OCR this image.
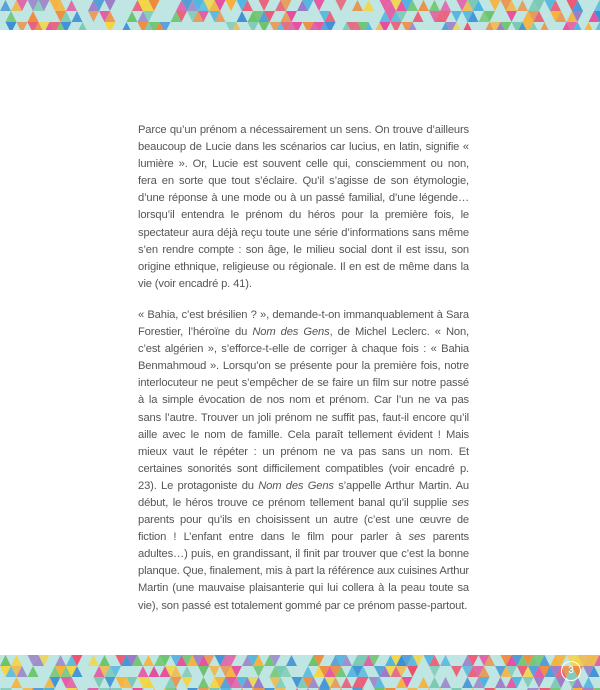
Parce qu’un prénom a nécessairement un sens. On trouve d’ailleurs beaucoup de Lucie dans les scénarios car lucius, en latin, signifie « lumière ». Or, Lucie est souvent celle qui, consciemment ou non, fera en sorte que tout s’éclaire. Qu’il s’agisse de son étymologie, d’une réponse à une mode ou à un passé familial, d’une légende… lorsqu’il entendra le prénom du héros pour la première fois, le spectateur aura déjà reçu toute une série d’informations sans même s’en rendre compte : son âge, le milieu social dont il est issu, son origine ethnique, religieuse ou régionale. Il en est de même dans la vie (voir encadré p. 41).

« Bahia, c’est brésilien ? », demande-t-on immanquablement à Sara Forestier, l’héroïne du Nom des Gens, de Michel Leclerc. « Non, c’est algérien », s’efforce-t-elle de corriger à chaque fois : « Bahia Benmahmoud ». Lorsqu’on se présente pour la première fois, notre interlocuteur ne peut s’empêcher de se faire un film sur notre passé à la simple évocation de nos nom et prénom. Car l’un ne va pas sans l’autre. Trouver un joli prénom ne suffit pas, faut-il encore qu’il aille avec le nom de famille. Cela paraît tellement évident ! Mais mieux vaut le répéter : un prénom ne va pas sans un nom. Et certaines sonorités sont difficilement compatibles (voir encadré p. 23). Le protagoniste du Nom des Gens s’appelle Arthur Martin. Au début, le héros trouve ce prénom tellement banal qu’il supplie ses parents pour qu’ils en choisissent un autre (c’est une œuvre de fiction ! L’enfant entre dans le film pour parler à ses parents adultes…) puis, en grandissant, il finit par trouver que c’est la bonne planque. Que, finalement, mis à part la référence aux cuisines Arthur Martin (une mauvaise plaisanterie qui lui collera à la peau toute sa vie), son passé est totalement gommé par ce prénom passe-partout.

3
